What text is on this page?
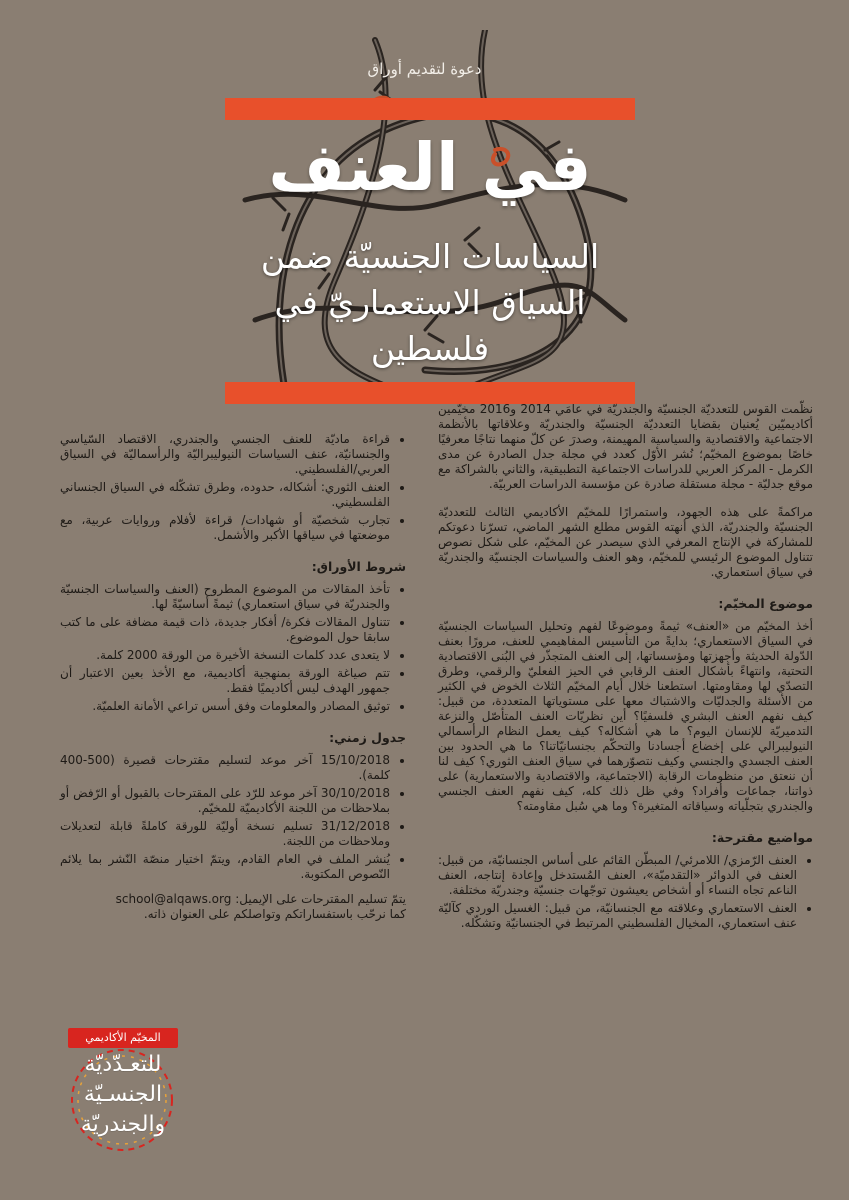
دعوة لتقديم أوراق
في العنف
السياسات الجنسيّة ضمن السياق الاستعماريّ في فلسطين

نظّمت القوس للتعدديّة الجنسيّة والجندريّة في عامَي 2014 و2016 مخيّمين أكاديميّين يُعنيان بقضايا التعدديّة الجنسيّة والجندريّة وعلاقاتها بالأنظمة الاجتماعية والاقتصادية والسياسية المهيمنة، وصدرَ عن كلّ منهما نتاجًا معرفيًا خاصًا بموضوع المخيّم؛ نُشر الأوّل كعدد في مجلة جدل الصادرة عن مدى الكرمل - المركز العربي للدراسات الاجتماعية التطبيقية، والثاني بالشراكة مع موقع جدليّة - مجلة مستقلة صادرة عن مؤسسة الدراسات العربيّة.

مراكمةً على هذه الجهود، واستمرارًا للمخيّم الأكاديمي الثالث للتعدديّة الجنسيّة والجندريّة، الذي أنهته القوس مطلع الشهر الماضي، تسرّنا دعوتكم للمشاركة في الإنتاج المعرفي الذي سيصدر عن المخيّم، على شكل نصوص تتناول الموضوع الرئيسي للمخيّم، وهو العنف والسياسات الجنسيّة والجندريّة في سياق استعماري.

موضوع المخيّم:

أخذ المخيّم من «العنف» ثيمةً وموضوعًا لفهم وتحليل السياسات الجنسيّة في السياق الاستعماري؛ بدايةً من التأسيس المفاهيمي للعنف، مرورًا بعنف الدّولة الحديثة وأجهزتها ومؤسساتها، إلى العنف المتجذّر في البُنى الاقتصادية التحتية، وانتهاءً بأشكال العنف الرقابي في الحيز الفعليّ والرقمي، وطرق التصدّي لها ومقاومتها. استطعنا خلال أيام المخيّم الثلاث الخوض في الكثير من الأسئلة والجدليّات والاشتباك معها على مستوياتها المتعددة، من قبيل: كيف نفهم العنف البشري فلسفيًا؟ أين نظريّات العنف المتأصّل والنزعة التدميريّة للإنسان اليوم؟ ما هي أشكاله؟ كيف يعمل النظام الرأسمالي النيوليبرالي على إخضاع أجسادنا والتحكّم بجنسانيّاتنا؟ ما هي الحدود بين العنف الجسدي والجنسي وكيف نتصوّرهما في سياق العنف الثوري؟ كيف لنا أن ننعتق من منظومات الرقابة (الاجتماعية، والاقتصادية والاستعمارية) على ذواتنا، جماعات وأفراد؟ وفي ظل ذلك كله، كيف نفهم العنف الجنسي والجندري بتجلّياته وسياقاته المتغيرة؟ وما هي سُبل مقاومته؟

مواضيع مقترحة:
• العنف الرّمزي/ اللامرئي/ المبطّن القائم على أساس الجنسانيّة، من قبيل: العنف في الدوائر «التقدميّة»، العنف المُستدخل وإعادة إنتاجه، العنف الناعم تجاه النساء أو أشخاص يعيشون توجّهات جنسيّة وجندريّة مختلفة.
• العنف الاستعماري وعلاقته مع الجنسانيّة، من قبيل: الغسيل الوردي كآليّة عنف استعماري، المخيال الفلسطيني المرتبط في الجنسانيّة وتشكّله.
• قراءة ماديّة للعنف الجنسي والجندري، الاقتصاد السّياسي والجنسانيّة، عنف السياسات النيوليبراليّة والرأسماليّة في السياق العربي/الفلسطيني.
• العنف الثوري: أشكاله، حدوده، وطرق تشكّله في السياق الجنساني الفلسطيني.
• تجارب شخصيّة أو شهادات/ قراءة لأفلام وروايات عربية، مع موضعتها في سياقها الأكبر والأشمل.
شروط الأوراق:
• تأخذ المقالات من الموضوع المطروح (العنف والسياسات الجنسيّة والجندريّة في سياق استعماري) ثيمةً أساسيّةً لها.
• تتناول المقالات فكرة/ أفكار جديدة، ذات قيمة مضافة على ما كتب سابقا حول الموضوع.
• لا يتعدى عدد كلمات النسخة الأخيرة من الورقة 2000 كلمة.
• تتم صياغة الورقة بمنهجية أكاديمية، مع الأخذ بعين الاعتبار أن جمهور الهدف ليس أكاديميًا فقط.
• توثيق المصادر والمعلومات وفق أسس تراعي الأمانة العلميّة.
جدول زمني:
• 15/10/2018 آخر موعد لتسليم مقترحات قصيرة (500-400 كلمة).
• 30/10/2018 آخر موعد للرّد على المقترحات بالقبول أو الرّفض أو بملاحظات من اللجنة الأكاديميّة للمخيّم.
• 31/12/2018 تسليم نسخة أوليّة للورقة كاملةً قابلة لتعديلات وملاحظات من اللجنة.
• يُنشر الملف في العام القادم، ويتمّ اختيار منصّة النّشر بما يلائم النّصوص المكتوبة.

يتمّ تسليم المقترحات على الإيميل: school@alqaws.org
كما نرحّب باستفساراتكم وتواصلكم على العنوان ذاته.

المخيّم الأكاديمي
للتعـدّديّة
الجنسـيّة
والجندريّة
